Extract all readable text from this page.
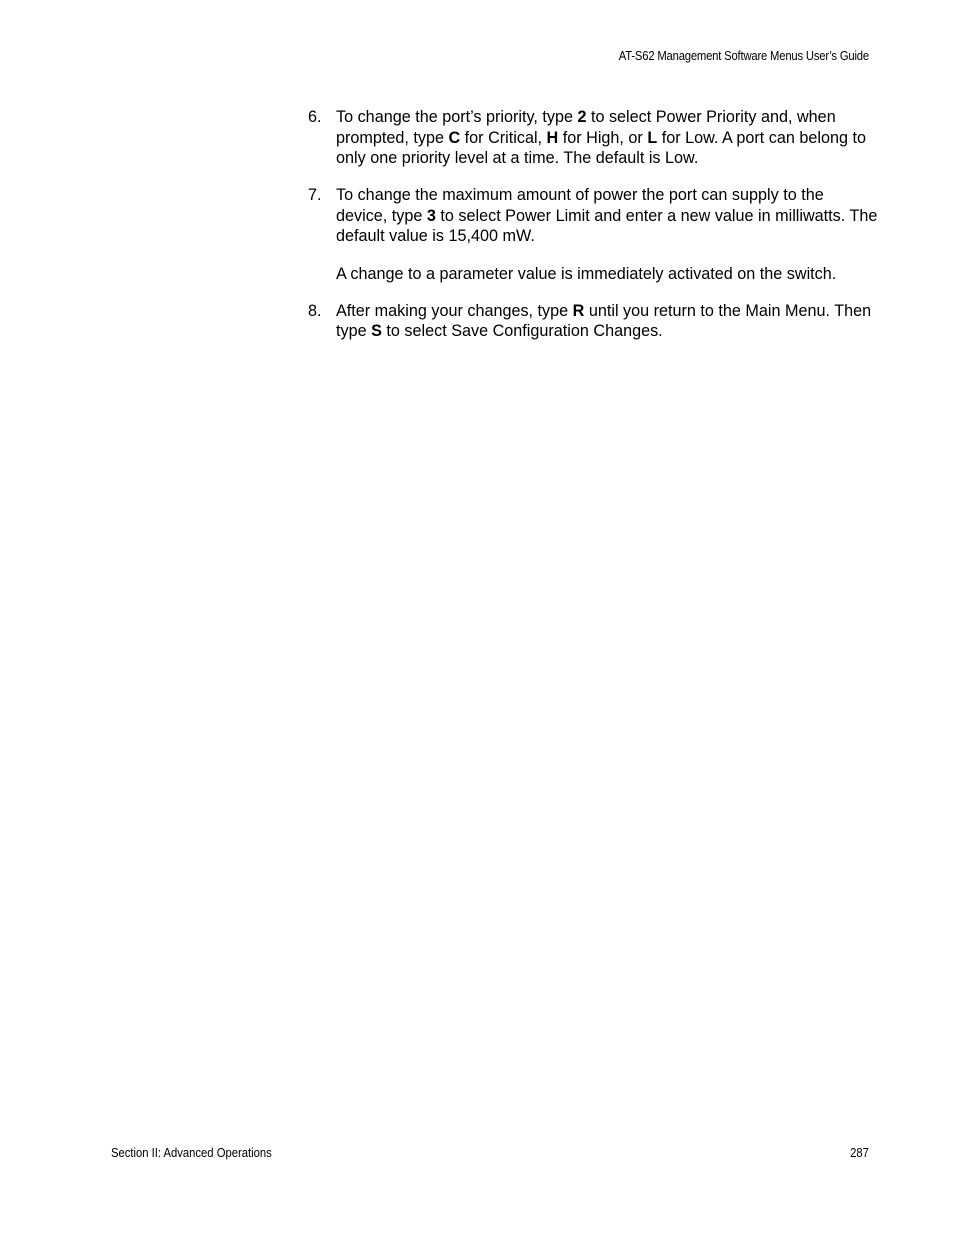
AT-S62 Management Software Menus User’s Guide
6. To change the port’s priority, type 2 to select Power Priority and, when prompted, type C for Critical, H for High, or L for Low. A port can belong to only one priority level at a time. The default is Low.
7. To change the maximum amount of power the port can supply to the device, type 3 to select Power Limit and enter a new value in milliwatts. The default value is 15,400 mW.
A change to a parameter value is immediately activated on the switch.
8. After making your changes, type R until you return to the Main Menu. Then type S to select Save Configuration Changes.
Section II: Advanced Operations	287
